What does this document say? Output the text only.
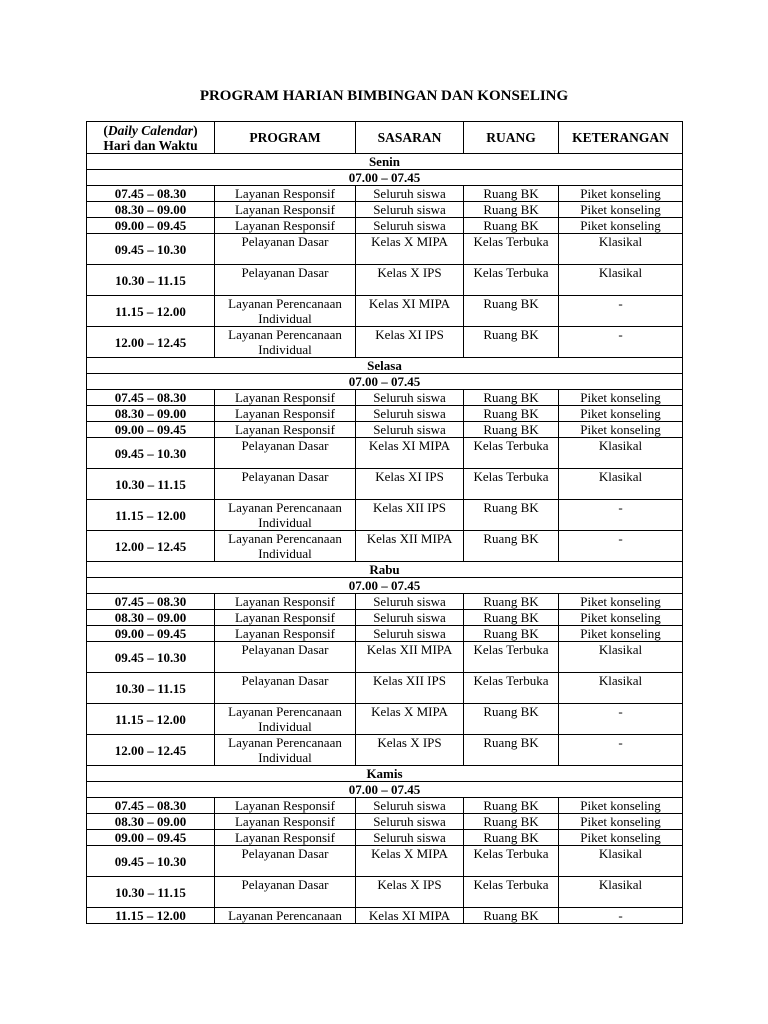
PROGRAM HARIAN BIMBINGAN DAN KONSELING
(Daily Calendar)
Hari dan Waktu	PROGRAM	SASARAN	RUANG	KETERANGAN
Senin				
07.00 – 07.45				
07.45 – 08.30	Layanan Responsif	Seluruh siswa	Ruang BK	Piket konseling
08.30 – 09.00	Layanan Responsif	Seluruh siswa	Ruang BK	Piket konseling
09.00 – 09.45	Layanan Responsif	Seluruh siswa	Ruang BK	Piket konseling
09.45 – 10.30	Pelayanan Dasar	Kelas X MIPA	Kelas Terbuka	Klasikal
10.30 – 11.15	Pelayanan Dasar	Kelas X IPS	Kelas Terbuka	Klasikal
11.15 – 12.00	Layanan Perencanaan Individual	Kelas XI MIPA	Ruang BK	-
12.00 – 12.45	Layanan Perencanaan Individual	Kelas XI IPS	Ruang BK	-
Selasa				
07.00 – 07.45				
07.45 – 08.30	Layanan Responsif	Seluruh siswa	Ruang BK	Piket konseling
08.30 – 09.00	Layanan Responsif	Seluruh siswa	Ruang BK	Piket konseling
09.00 – 09.45	Layanan Responsif	Seluruh siswa	Ruang BK	Piket konseling
09.45 – 10.30	Pelayanan Dasar	Kelas XI MIPA	Kelas Terbuka	Klasikal
10.30 – 11.15	Pelayanan Dasar	Kelas XI IPS	Kelas Terbuka	Klasikal
11.15 – 12.00	Layanan Perencanaan Individual	Kelas XII IPS	Ruang BK	-
12.00 – 12.45	Layanan Perencanaan Individual	Kelas XII MIPA	Ruang BK	-
Rabu				
07.00 – 07.45				
07.45 – 08.30	Layanan Responsif	Seluruh siswa	Ruang BK	Piket konseling
08.30 – 09.00	Layanan Responsif	Seluruh siswa	Ruang BK	Piket konseling
09.00 – 09.45	Layanan Responsif	Seluruh siswa	Ruang BK	Piket konseling
09.45 – 10.30	Pelayanan Dasar	Kelas XII MIPA	Kelas Terbuka	Klasikal
10.30 – 11.15	Pelayanan Dasar	Kelas XII IPS	Kelas Terbuka	Klasikal
11.15 – 12.00	Layanan Perencanaan Individual	Kelas X MIPA	Ruang BK	-
12.00 – 12.45	Layanan Perencanaan Individual	Kelas X IPS	Ruang BK	-
Kamis				
07.00 – 07.45				
07.45 – 08.30	Layanan Responsif	Seluruh siswa	Ruang BK	Piket konseling
08.30 – 09.00	Layanan Responsif	Seluruh siswa	Ruang BK	Piket konseling
09.00 – 09.45	Layanan Responsif	Seluruh siswa	Ruang BK	Piket konseling
09.45 – 10.30	Pelayanan Dasar	Kelas X MIPA	Kelas Terbuka	Klasikal
10.30 – 11.15	Pelayanan Dasar	Kelas X IPS	Kelas Terbuka	Klasikal
11.15 – 12.00	Layanan Perencanaan	Kelas XI MIPA	Ruang BK	-
